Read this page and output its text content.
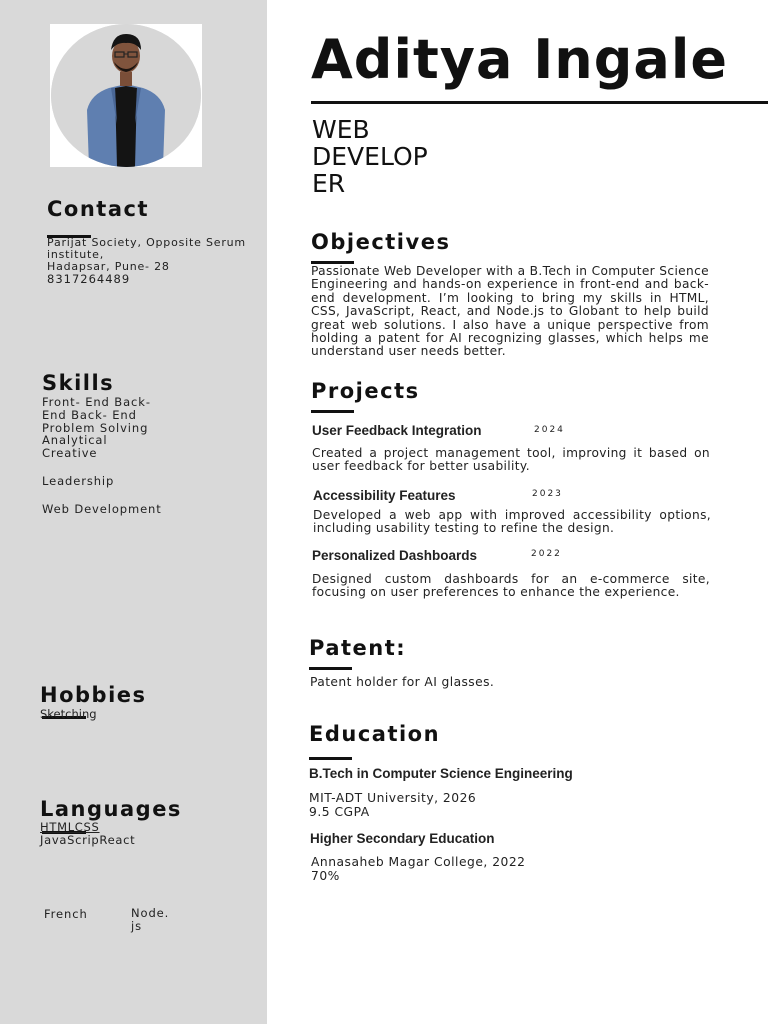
Contact
Parijat Society, Opposite Serum
institute,
Hadapsar, Pune- 28
8317264489
Skills
Front- End Back-
End Back- End
Problem Solving
Analytical
Creative
Leadership
Web Development
Hobbies
Sketching
Languages
HTMLCSS
JavaScripReact
French	Node.
js
Aditya Ingale
WEB
DEVELOP
ER
Objectives

Passionate Web Developer with a B.Tech in Computer Science Engineering and hands-on experience in front-end and back- end development. I’m looking to bring my skills in HTML, CSS, JavaScript, React, and Node.js to Globant to help build great web solutions. I also have a unique perspective from holding a patent for AI recognizing glasses, which helps me understand user needs better.

Projects
User Feedback Integration	2024

Created a project management tool, improving it based on user feedback for better usability.

Accessibility Features	2023

Developed a web app with improved accessibility options, including usability testing to refine the design.

Personalized Dashboards	2022

Designed custom dashboards for an e-commerce site, focusing on user preferences to enhance the experience.

Patent:

Patent holder for AI glasses.

Education
B.Tech in Computer Science Engineering
MIT-ADT University, 2026
9.5 CGPA
Higher Secondary Education
Annasaheb Magar College, 2022
70%
